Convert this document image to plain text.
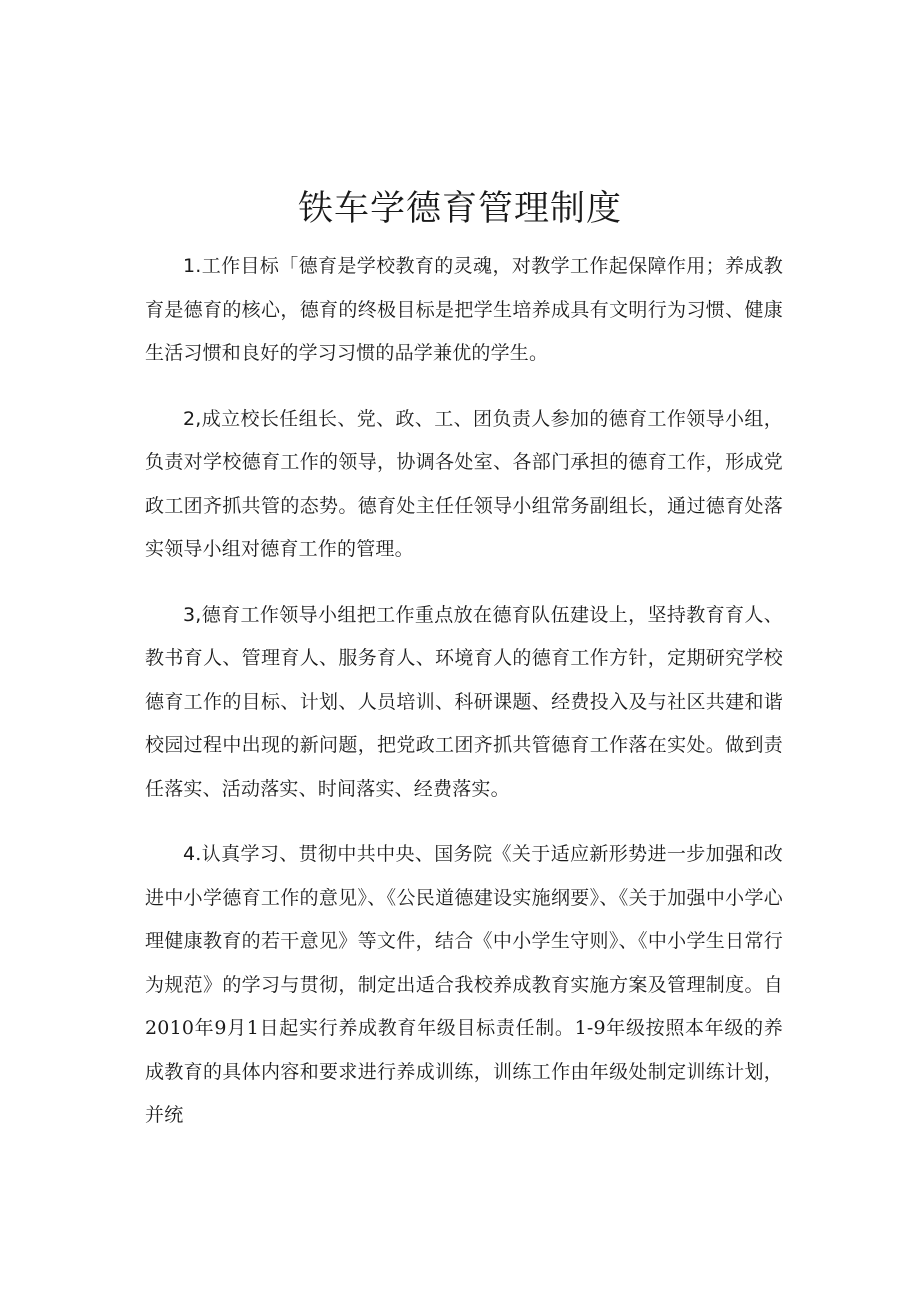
铁车学德育管理制度

1.工作目标「德育是学校教育的灵魂，对教学工作起保障作用；养成教育是德育的核心，德育的终极目标是把学生培养成具有文明行为习惯、健康生活习惯和良好的学习习惯的品学兼优的学生。

2,成立校长任组长、党、政、工、团负责人参加的德育工作领导小组，负责对学校德育工作的领导，协调各处室、各部门承担的德育工作，形成党政工团齐抓共管的态势。德育处主任任领导小组常务副组长，通过德育处落实领导小组对德育工作的管理。

3,德育工作领导小组把工作重点放在德育队伍建设上，坚持教育育人、教书育人、管理育人、服务育人、环境育人的德育工作方针，定期研究学校德育工作的目标、计划、人员培训、科研课题、经费投入及与社区共建和谐校园过程中出现的新问题，把党政工团齐抓共管德育工作落在实处。做到责任落实、活动落实、时间落实、经费落实。

4.认真学习、贯彻中共中央、国务院《关于适应新形势进一步加强和改进中小学德育工作的意见》、《公民道德建设实施纲要》、《关于加强中小学心理健康教育的若干意见》等文件，结合《中小学生守则》、《中小学生日常行为规范》的学习与贯彻，制定出适合我校养成教育实施方案及管理制度。自2010年9月1日起实行养成教育年级目标责任制。1-9年级按照本年级的养成教育的具体内容和要求进行养成训练，训练工作由年级处制定训练计划，并统
